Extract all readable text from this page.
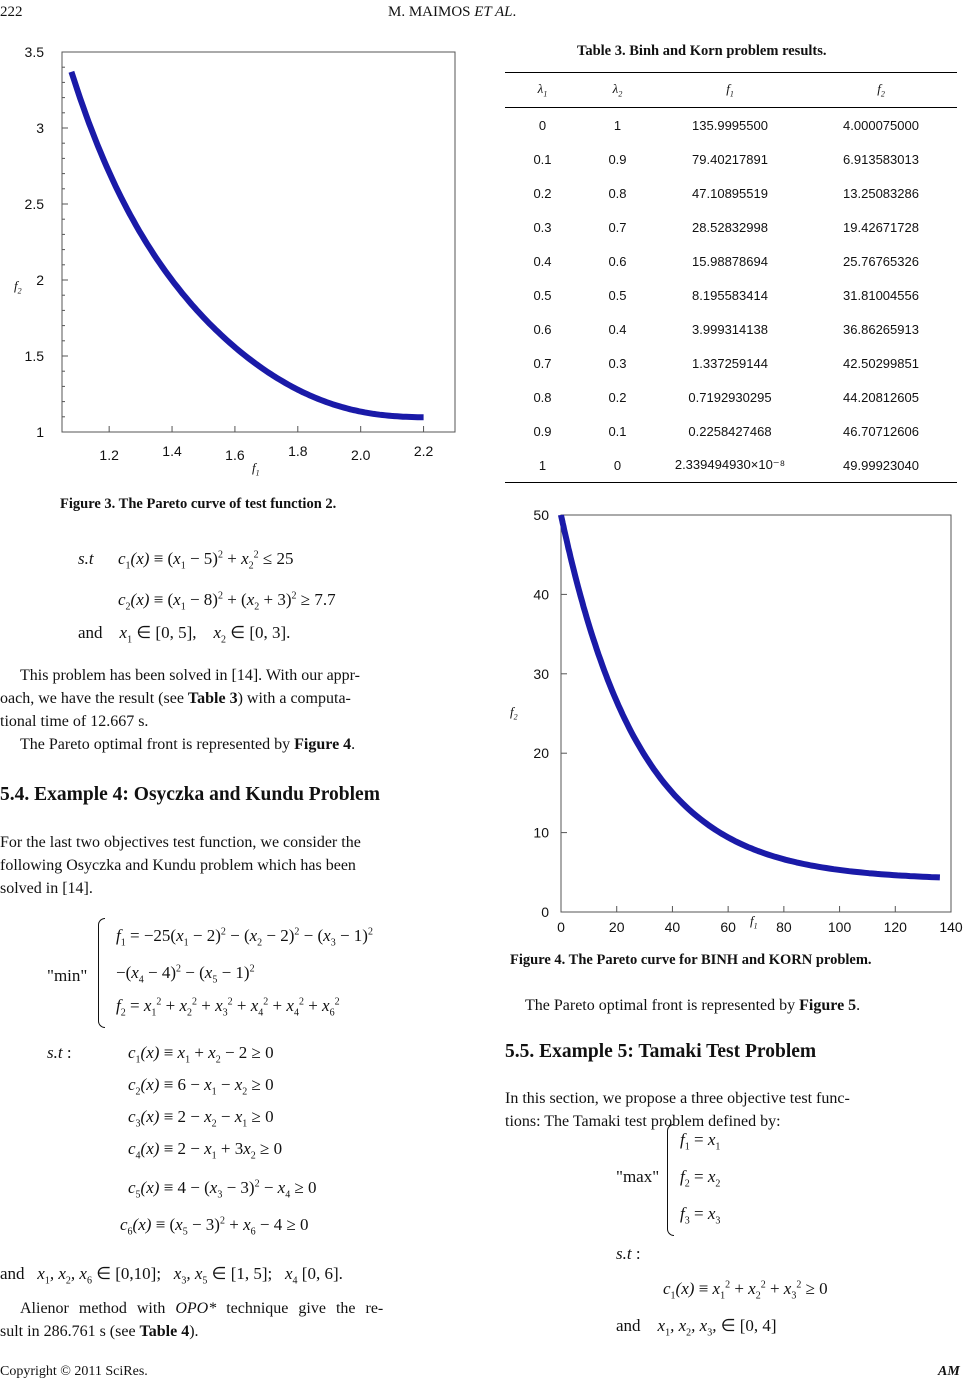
222	M. MAIMOS ET AL.
3.5
3
2.5
2
1.5
1
1.2	1.4	1.6	1.8	2.0	2.2
$f_2$
$f_1$
Figure 3. The Pareto curve of test function 2.
s.t $c_1(x) \equiv (x_1 - 5)^2 + x_2^2 \le 25$
$c_2(x) \equiv (x_1 - 8)^2 + (x_2 + 3)^2 \ge 7.7$
and    $x_1$ ∈ [0, 5],    $x_2$ ∈ [0, 3].
This problem has been solved in [14]. With our appr-
oach, we have the result (see Table 3) with a computa-
tional time of 12.667 s.
The Pareto optimal front is represented by Figure 4.
5.4. Example 4: Osyczka and Kundu Problem
For the last two objectives test function, we consider the
following Osyczka and Kundu problem which has been
solved in [14].
"min"
$f_1 = -25(x_1 - 2)^2 - (x_2 - 2)^2 - (x_3 - 1)^2$
$-(x_4 - 4)^2 - (x_5 - 1)^2$
$f_2 = x_1^2 + x_2^2 + x_3^2 + x_4^2 + x_4^2 + x_6^2$
s.t :	$c_1(x) \equiv x_1 + x_2 - 2 \ge 0$
$c_2(x) \equiv 6 - x_1 - x_2 \ge 0$
$c_3(x) \equiv 2 - x_2 - x_1 \ge 0$
$c_4(x) \equiv 2 - x_1 + 3x_2 \ge 0$
$c_5(x) \equiv 4 - (x_3 - 3)^2 - x_4 \ge 0$
$c_6(x) \equiv (x_5 - 3)^2 + x_6 - 4 \ge 0$
and   $x_1$, $x_2$, $x_6$ ∈ [0,10];   $x_3$, $x_5$ ∈ [1, 5];   $x_4$ [0, 6].
Alienor method with OPO* technique give the re-
sult in 286.761 s (see Table 4).
Table 3. Binh and Korn problem results.
$\lambda_1$	$\lambda_2$	$f_1$	$f_2$
0	1	135.9995500	4.000075000
0.1	0.9	79.40217891	6.913583013
0.2	0.8	47.10895519	13.25083286
0.3	0.7	28.52832998	19.42671728
0.4	0.6	15.98878694	25.76765326
0.5	0.5	8.195583414	31.81004556
0.6	0.4	3.999314138	36.86265913
0.7	0.3	1.337259144	42.50299851
0.8	0.2	0.7192930295	44.20812605
0.9	0.1	0.2258427468	46.70712606
1	0	2.339494930×10⁻⁸	49.99923040
50
40
30
20
10
0
0	20	40	60	80	100 120 140
$f_2$
$f_1$
Figure 4. The Pareto curve for BINH and KORN problem.
The Pareto optimal front is represented by Figure 5.
5.5. Example 5: Tamaki Test Problem
In this section, we propose a three objective test func-
tions: The Tamaki test problem defined by:
"max"
$f_1 = x_1$
$f_2 = x_2$
$f_3 = x_3$
s.t :
$c_1(x) \equiv x_1^2 + x_2^2 + x_3^2 \ge 0$
and    $x_1$, $x_2$, $x_3$, ∈ [0, 4]
Copyright © 2011 SciRes.	AM
